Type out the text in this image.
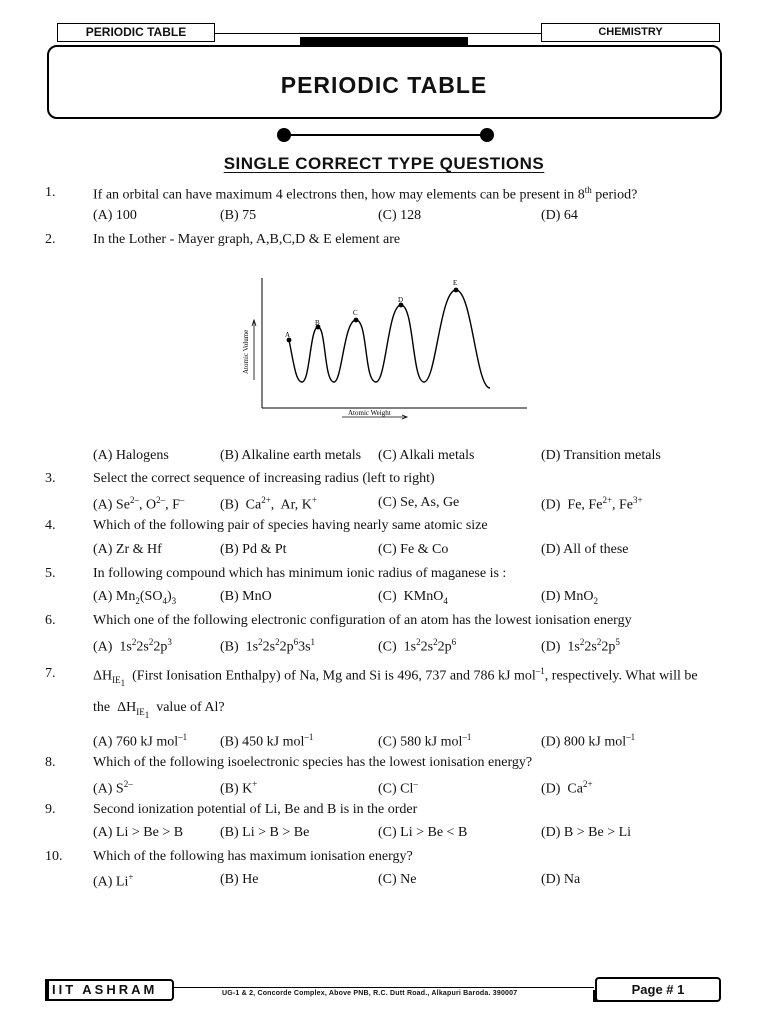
PERIODIC TABLE	CHEMISTRY
PERIODIC TABLE
SINGLE CORRECT TYPE QUESTIONS
1.	If an orbital can have maximum 4 electrons then, how may elements can be present in 8th period?
(A) 100	(B) 75	(C) 128	(D) 64
2.	In the Lother - Mayer graph, A,B,C,D & E element are
A
B
C
D
E
Atomic Weight
Atomic Volume
(A) Halogens	(B) Alkaline earth metals (C) Alkali metals	(D) Transition metals
3.	Select the correct sequence of increasing radius (left to right)
(A) $Se^{2-}$, $O^{2-}$, F–	(B)  $Ca^{2+}$,  Ar, K+	(C) Se, As, Ge	(D)  Fe, $Fe^{2+}$, $Fe^{3+}$
4.	Which of the following pair of species having nearly same atomic size
(A) Zr & Hf	(B) Pd & Pt	(C) Fe & Co	(D) All of these
5.	In following compound which has minimum ionic radius of maganese is :
(A) $Mn_2(SO_4)_3$	(B) MnO	(C)  KMnO$_4$	(D) MnO$_2$
6.	Which one of the following electronic configuration of an atom has the lowest ionisation energy
(A)  $1s^22s^22p^3$	(B)  $1s^22s^22p^63s^1$	(C)  $1s^22s^22p^6$	(D)  $1s^22s^22p^5$
7.	$\Delta H_{IE_1}$  (First Ionisation Enthalpy) of Na, Mg and Si is 496, 737 and 786 kJ mol$^{-1}$, respectively. What will be
the  $\Delta H_{IE_1}$  value of Al?
(A) 760 kJ mol$^{-1}$ (B) 450 kJ mol$^{-1}$	(C) 580 kJ mol$^{-1}$	(D) 800 kJ mol$^{-1}$
8.	Which of the following isoelectronic species has the lowest ionisation energy?
(A) $S^{2-}$	(B) K+	(C) Cl–	(D)  $Ca^{2+}$
9.	Second ionization potential of Li, Be and B is in the order
(A) Li > Be > B	(B) Li > B > Be	(C) Li > Be < B	(D) B > Be > Li
10. Which of the following has maximum ionisation energy?
(A) Li+	(B) He	(C) Ne	(D) Na
IIT ASHRAM	UG-1 & 2, Concorde Complex, Above PNB, R.C. Dutt Road., Alkapuri Baroda. 390007	Page # 1
